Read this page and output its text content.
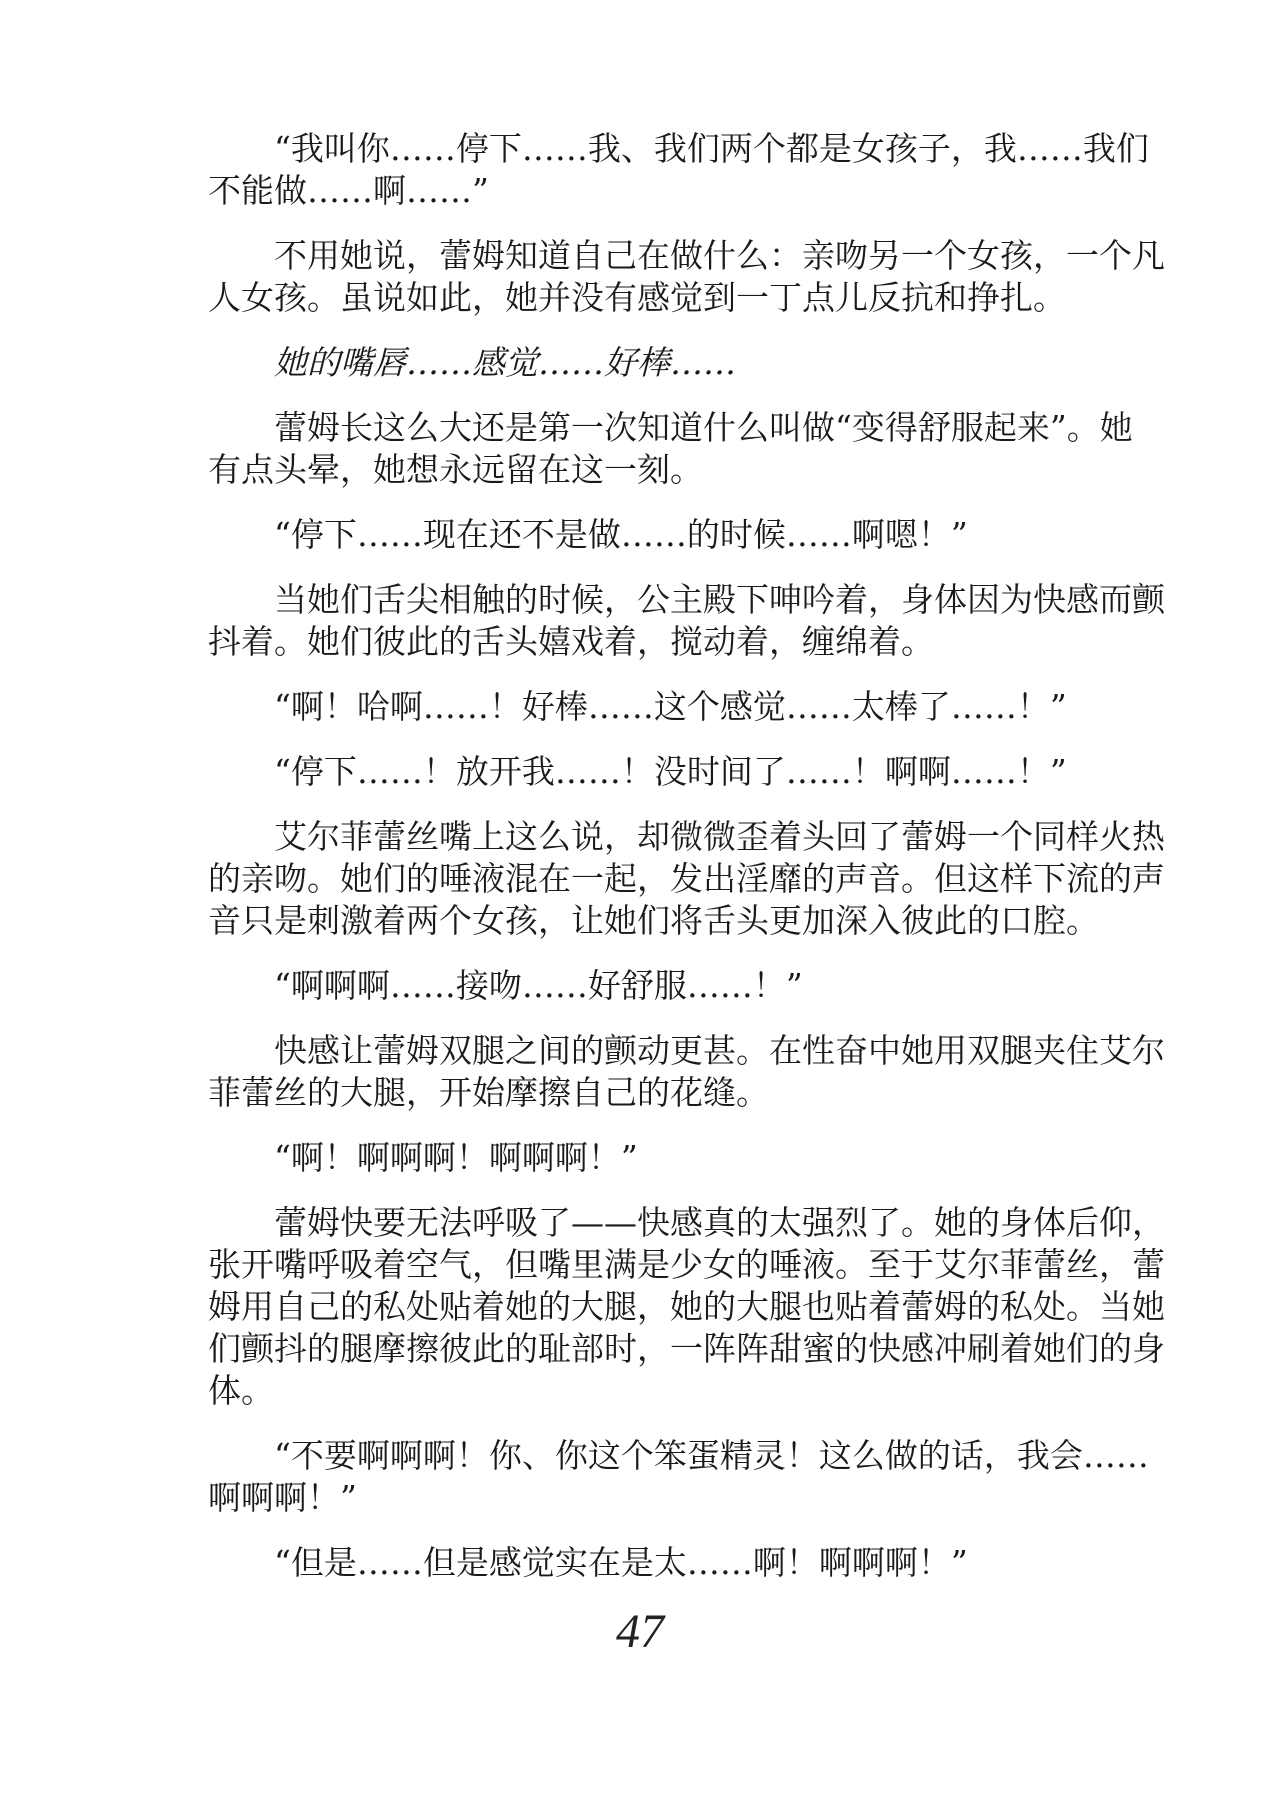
“我叫你……停下……我、我们两个都是女孩子，我……我们
不能做……啊……”
不用她说，蕾姆知道自己在做什么：亲吻另一个女孩，一个凡
人女孩。虽说如此，她并没有感觉到一丁点儿反抗和挣扎。
她的嘴唇……感觉……好棒……
蕾姆长这么大还是第一次知道什么叫做“变得舒服起来”。她
有点头晕，她想永远留在这一刻。
“停下……现在还不是做……的时候……啊嗯！”
当她们舌尖相触的时候，公主殿下呻吟着，身体因为快感而颤
抖着。她们彼此的舌头嬉戏着，搅动着，缠绵着。
“啊！哈啊……！好棒……这个感觉……太棒了……！”
“停下……！放开我……！没时间了……！啊啊……！”
艾尔菲蕾丝嘴上这么说，却微微歪着头回了蕾姆一个同样火热
的亲吻。她们的唾液混在一起，发出淫靡的声音。但这样下流的声
音只是刺激着两个女孩，让她们将舌头更加深入彼此的口腔。
“啊啊啊……接吻……好舒服……！”
快感让蕾姆双腿之间的颤动更甚。在性奋中她用双腿夹住艾尔
菲蕾丝的大腿，开始摩擦自己的花缝。
“啊！啊啊啊！啊啊啊！”
蕾姆快要无法呼吸了——快感真的太强烈了。她的身体后仰，
张开嘴呼吸着空气，但嘴里满是少女的唾液。至于艾尔菲蕾丝，蕾
姆用自己的私处贴着她的大腿，她的大腿也贴着蕾姆的私处。当她
们颤抖的腿摩擦彼此的耻部时，一阵阵甜蜜的快感冲刷着她们的身
体。
“不要啊啊啊！你、你这个笨蛋精灵！这么做的话，我会……
啊啊啊！”
“但是……但是感觉实在是太……啊！啊啊啊！”
47
